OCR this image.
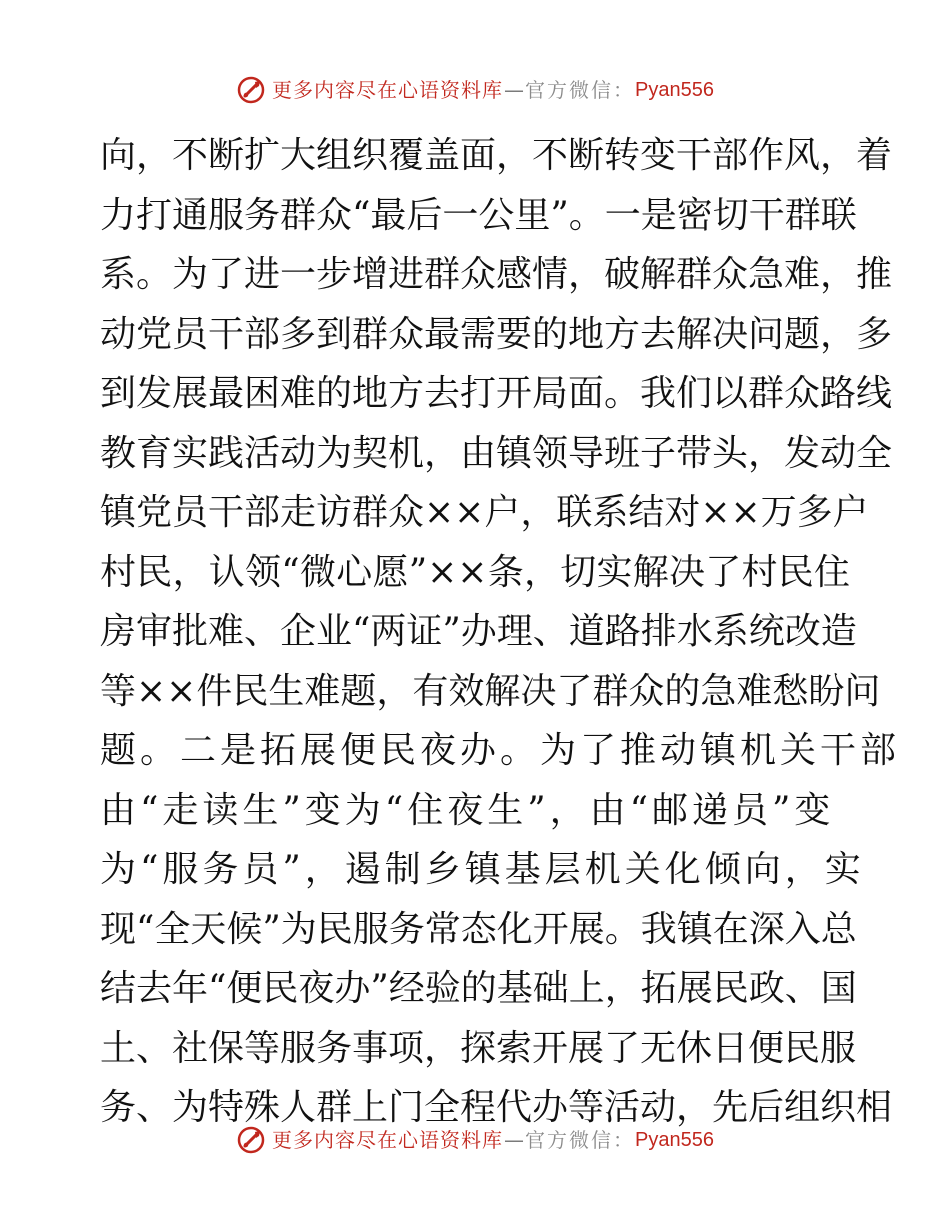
更多内容尽在心语资料库 — 官方微信： Pyan556
向，不断扩大组织覆盖面，不断转变干部作风，着
力打通服务群众“最后一公里”。一是密切干群联
系。为了进一步增进群众感情，破解群众急难，推
动党员干部多到群众最需要的地方去解决问题，多
到发展最困难的地方去打开局面。我们以群众路线
教育实践活动为契机，由镇领导班子带头，发动全
镇党员干部走访群众××户，联系结对××万多户
村民，认领“微心愿”××条，切实解决了村民住
房审批难、企业“两证”办理、道路排水系统改造
等××件民生难题，有效解决了群众的急难愁盼问
题。二是拓展便民夜办。为了推动镇机关干部
由“走读生”变为“住夜生”，由“邮递员”变
为“服务员”，遏制乡镇基层机关化倾向，实
现“全天候”为民服务常态化开展。我镇在深入总
结去年“便民夜办”经验的基础上，拓展民政、国
土、社保等服务事项，探索开展了无休日便民服
务、为特殊人群上门全程代办等活动，先后组织相
更多内容尽在心语资料库 — 官方微信： Pyan556
